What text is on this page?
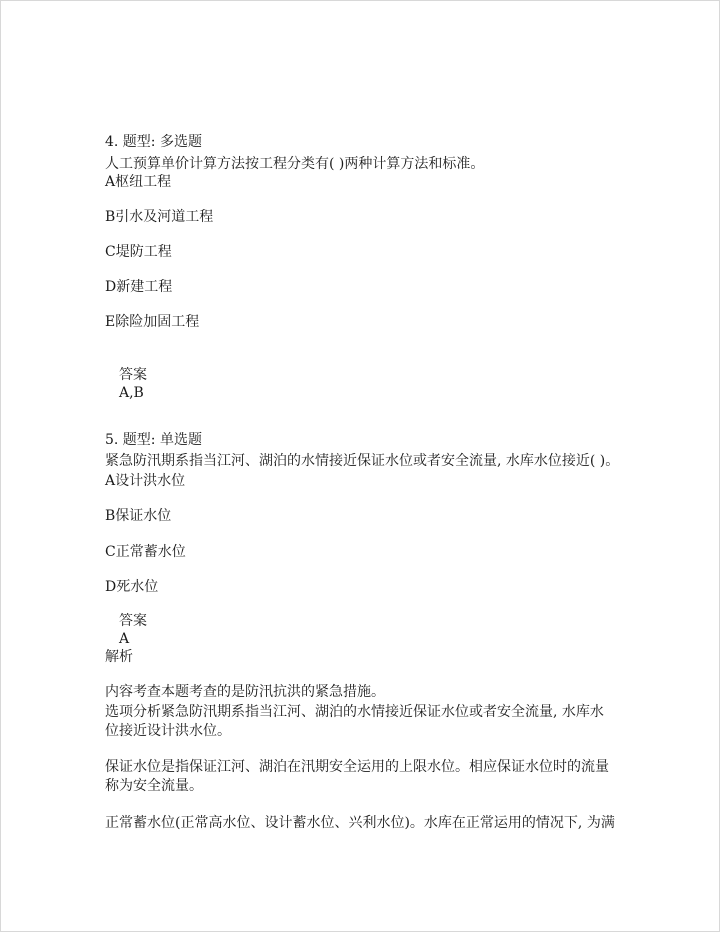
4. 题型: 多选题
人工预算单价计算方法按工程分类有( )两种计算方法和标准。
A枢纽工程
B引水及河道工程
C堤防工程
D新建工程
E除险加固工程
答案
A,B
5. 题型: 单选题
紧急防汛期系指当江河、湖泊的水情接近保证水位或者安全流量, 水库水位接近( )。
A设计洪水位
B保证水位
C正常蓄水位
D死水位
答案
A
解析
内容考查本题考查的是防汛抗洪的紧急措施。
选项分析紧急防汛期系指当江河、湖泊的水情接近保证水位或者安全流量, 水库水
位接近设计洪水位。
保证水位是指保证江河、湖泊在汛期安全运用的上限水位。相应保证水位时的流量
称为安全流量。
正常蓄水位(正常高水位、设计蓄水位、兴利水位)。水库在正常运用的情况下, 为满
